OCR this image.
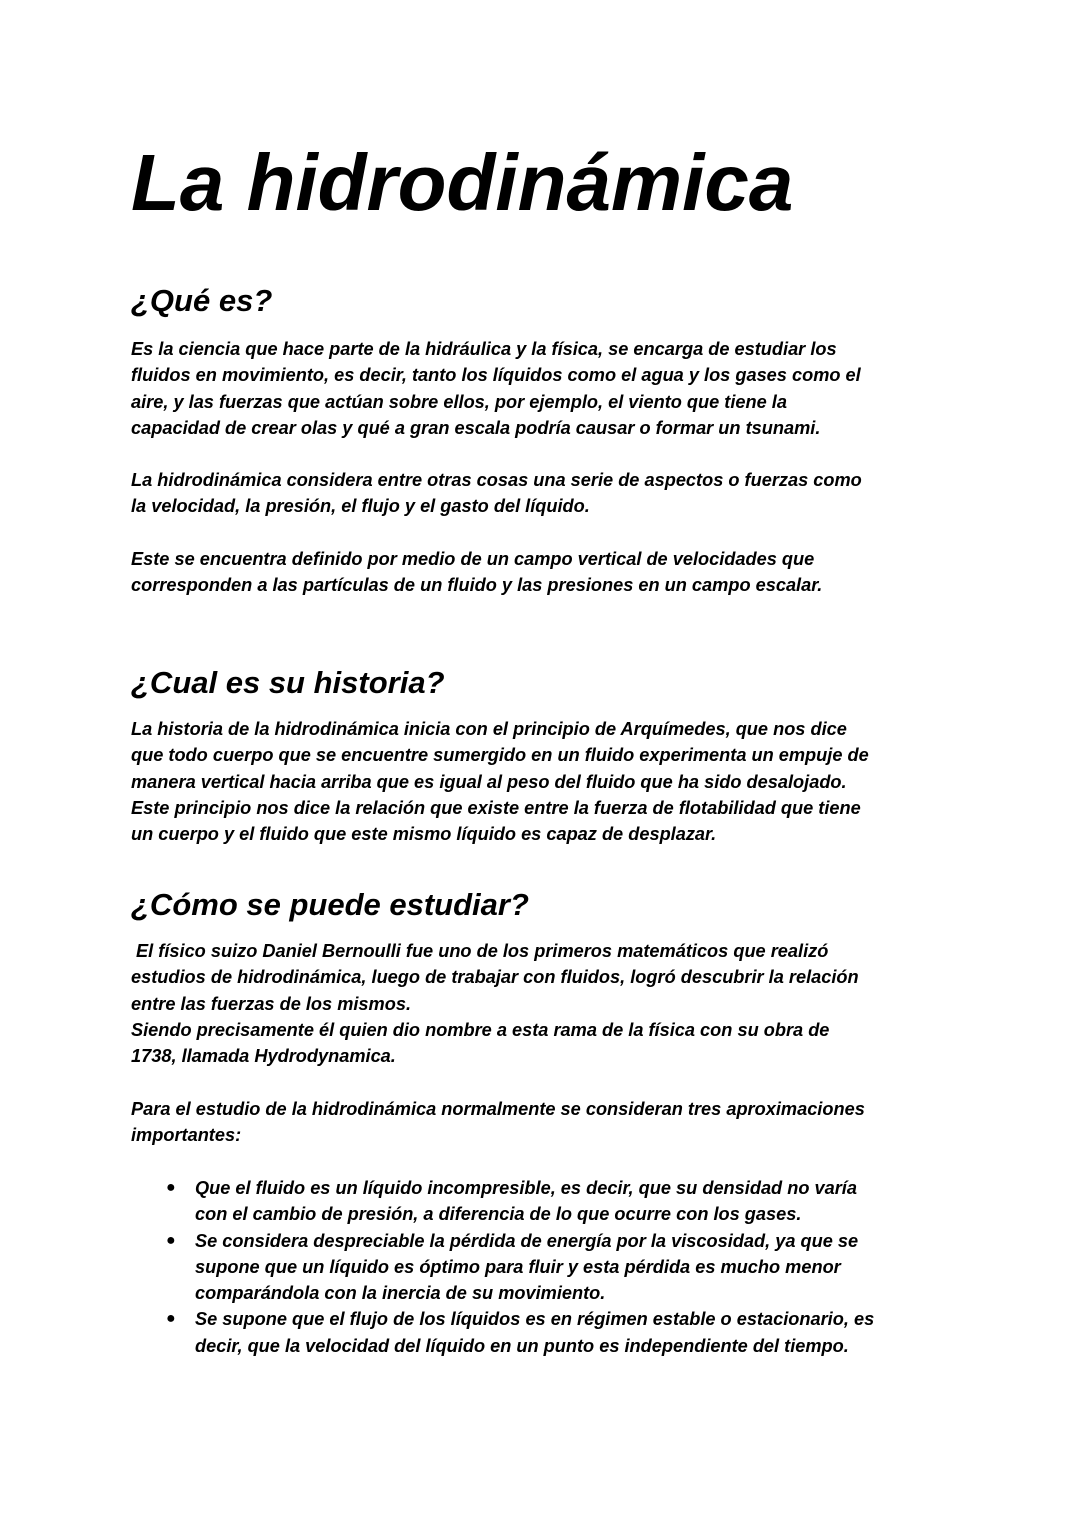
La hidrodinámica
¿Qué es?

Es la ciencia que hace parte de la hidráulica y la física, se encarga de estudiar los
fluidos en movimiento, es decir, tanto los líquidos como el agua y los gases como el
aire, y las fuerzas que actúan sobre ellos, por ejemplo, el viento que tiene la
capacidad de crear olas y qué a gran escala podría causar o formar un tsunami.

La hidrodinámica considera entre otras cosas una serie de aspectos o fuerzas como
la velocidad, la presión, el flujo y el gasto del líquido.

Este se encuentra definido por medio de un campo vertical de velocidades que
corresponden a las partículas de un fluido y las presiones en un campo escalar.

¿Cual es su historia?

La historia de la hidrodinámica inicia con el principio de Arquímedes, que nos dice
que todo cuerpo que se encuentre sumergido en un fluido experimenta un empuje de
manera vertical hacia arriba que es igual al peso del fluido que ha sido desalojado.
Este principio nos dice la relación que existe entre la fuerza de flotabilidad que tiene
un cuerpo y el fluido que este mismo líquido es capaz de desplazar.

¿Cómo se puede estudiar?

El físico suizo Daniel Bernoulli fue uno de los primeros matemáticos que realizó
estudios de hidrodinámica, luego de trabajar con fluidos, logró descubrir la relación
entre las fuerzas de los mismos.
Siendo precisamente él quien dio nombre a esta rama de la física con su obra de
1738, llamada Hydrodynamica.

Para el estudio de la hidrodinámica normalmente se consideran tres aproximaciones
importantes:

● Que el fluido es un líquido incompresible, es decir, que su densidad no varía
con el cambio de presión, a diferencia de lo que ocurre con los gases.
● Se considera despreciable la pérdida de energía por la viscosidad, ya que se
supone que un líquido es óptimo para fluir y esta pérdida es mucho menor
comparándola con la inercia de su movimiento.
● Se supone que el flujo de los líquidos es en régimen estable o estacionario, es
decir, que la velocidad del líquido en un punto es independiente del tiempo.
